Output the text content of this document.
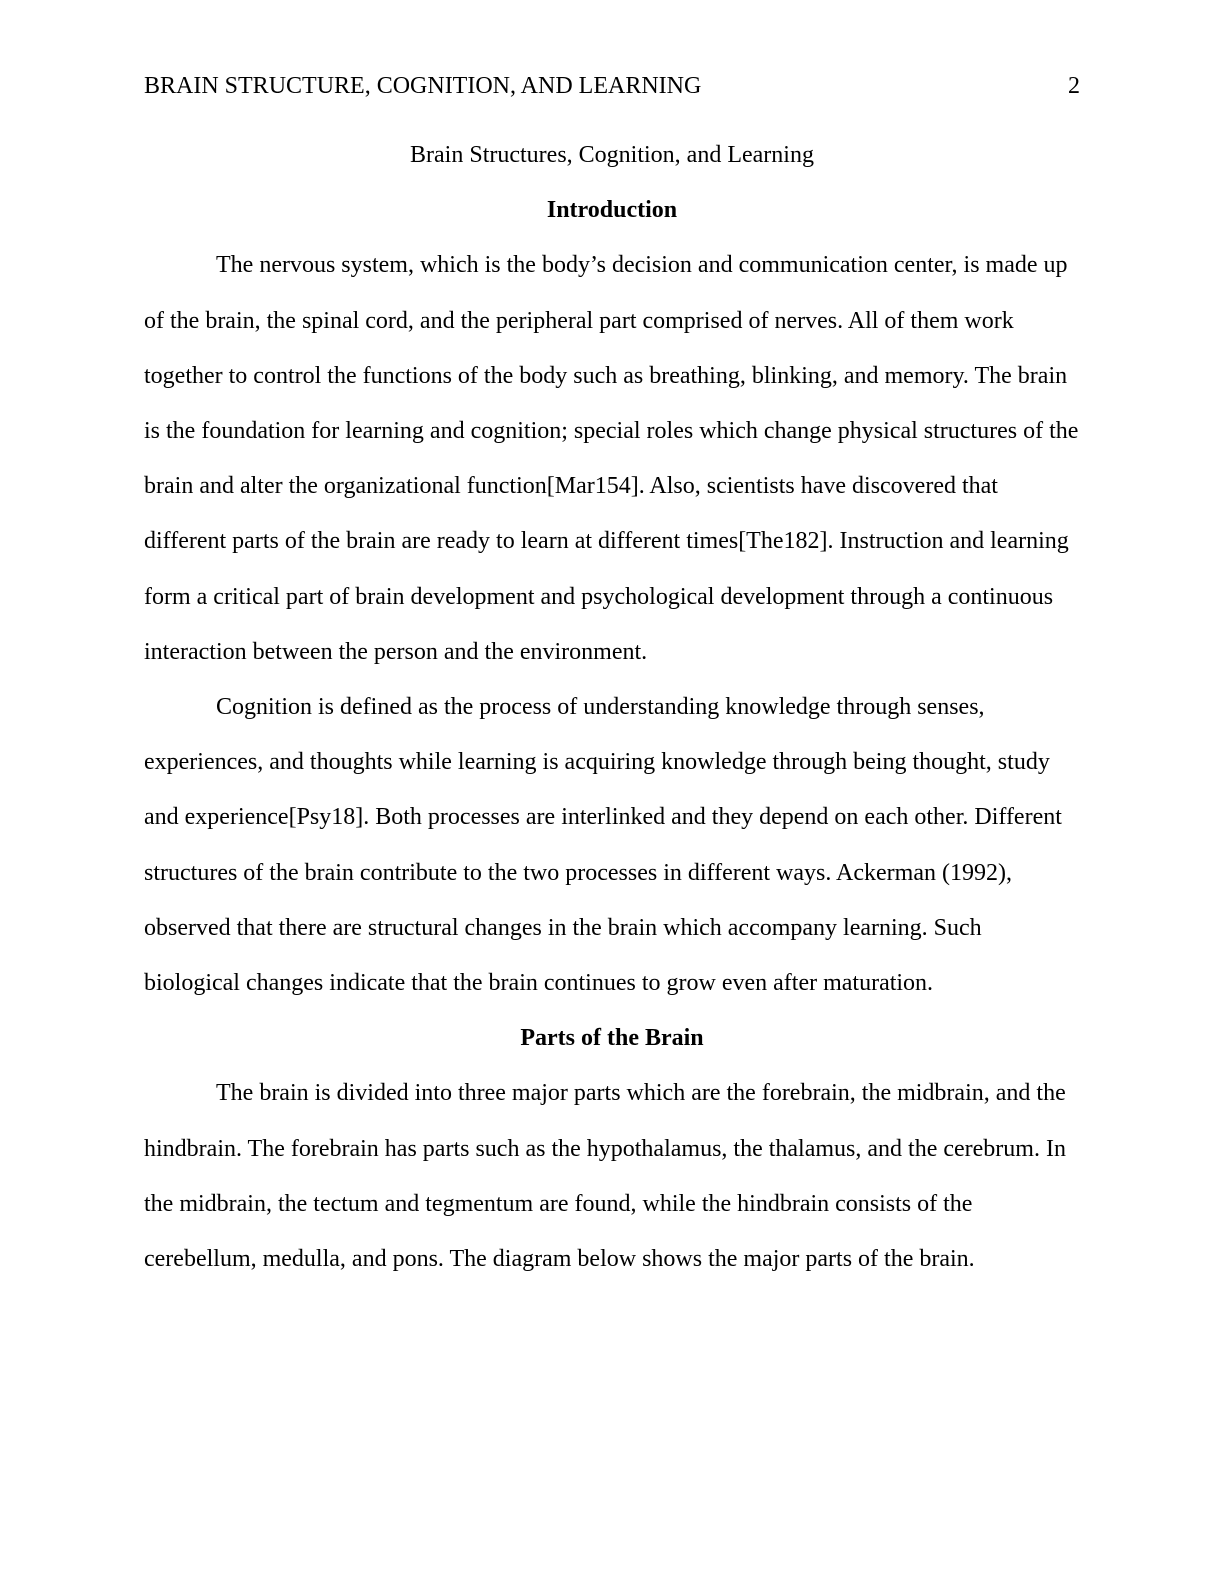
BRAIN STRUCTURE, COGNITION, AND LEARNING	2
Brain Structures, Cognition, and Learning
Introduction
The nervous system, which is the body’s decision and communication center, is made up
of the brain, the spinal cord, and the peripheral part comprised of nerves. All of them work
together to control the functions of the body such as breathing, blinking, and memory. The brain
is the foundation for learning and cognition; special roles which change physical structures of the
brain and alter the organizational function[Mar154]. Also, scientists have discovered that
different parts of the brain are ready to learn at different times[The182]. Instruction and learning
form a critical part of brain development and psychological development through a continuous
interaction between the person and the environment.
Cognition is defined as the process of understanding knowledge through senses,
experiences, and thoughts while learning is acquiring knowledge through being thought, study
and experience[Psy18]. Both processes are interlinked and they depend on each other. Different
structures of the brain contribute to the two processes in different ways. Ackerman (1992),
observed that there are structural changes in the brain which accompany learning. Such
biological changes indicate that the brain continues to grow even after maturation.
Parts of the Brain
The brain is divided into three major parts which are the forebrain, the midbrain, and the
hindbrain. The forebrain has parts such as the hypothalamus, the thalamus, and the cerebrum. In
the midbrain, the tectum and tegmentum are found, while the hindbrain consists of the
cerebellum, medulla, and pons. The diagram below shows the major parts of the brain.
